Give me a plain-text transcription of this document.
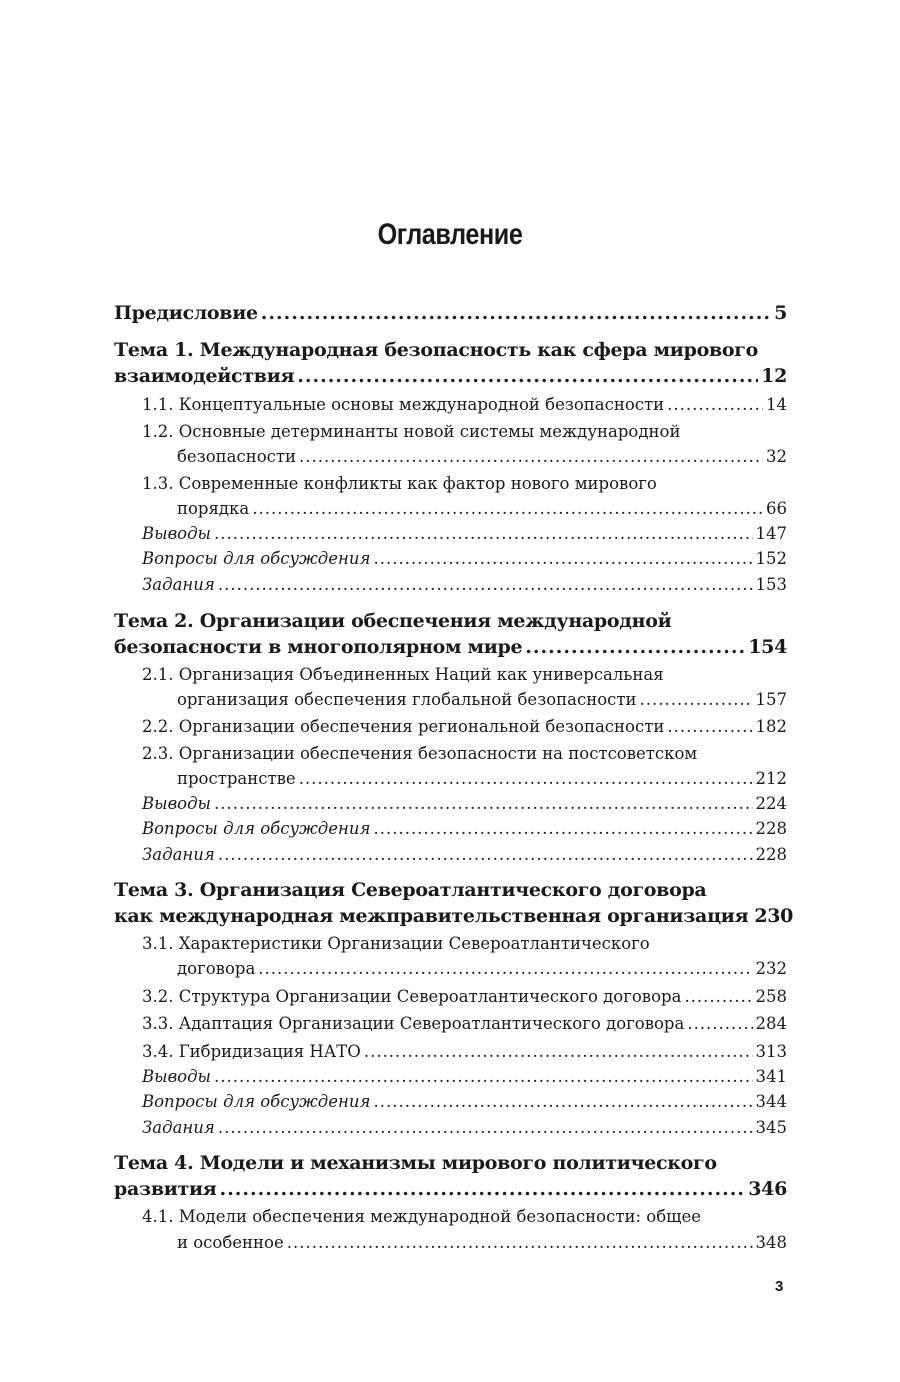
Оглавление
Предисловие .....	5
Тема 1. Международная безопасность как сфера мирового
взаимодействия .....	12
1.1. Концептуальные основы международной безопасности .....	14
1.2. Основные детерминанты новой системы международной
безопасности .....	32
1.3. Современные конфликты как фактор нового мирового
порядка .....	66
Выводы .....	147
Вопросы для обсуждения .....	152
Задания .....	153
Тема 2. Организации обеспечения международной
безопасности в многополярном мире .....	154
2.1. Организация Объединенных Наций как универсальная
организация обеспечения глобальной безопасности .....	157
2.2. Организации обеспечения региональной безопасности .....	182
2.3. Организации обеспечения безопасности на постсоветском
пространстве .....	212
Выводы .....	224
Вопросы для обсуждения .....	228
Задания .....	228
Тема 3. Организация Североатлантического договора
как международная межправительственная организация 230
3.1. Характеристики Организации Североатлантического
договора .....	232
3.2. Структура Организации Североатлантического договора .....	258
3.3. Адаптация Организации Североатлантического договора .....	284
3.4. Гибридизация НАТО .....	313
Выводы .....	341
Вопросы для обсуждения .....	344
Задания .....	345
Тема 4. Модели и механизмы мирового политического
развития .....	346
4.1. Модели обеспечения международной безопасности: общее
и особенное .....	348
3
